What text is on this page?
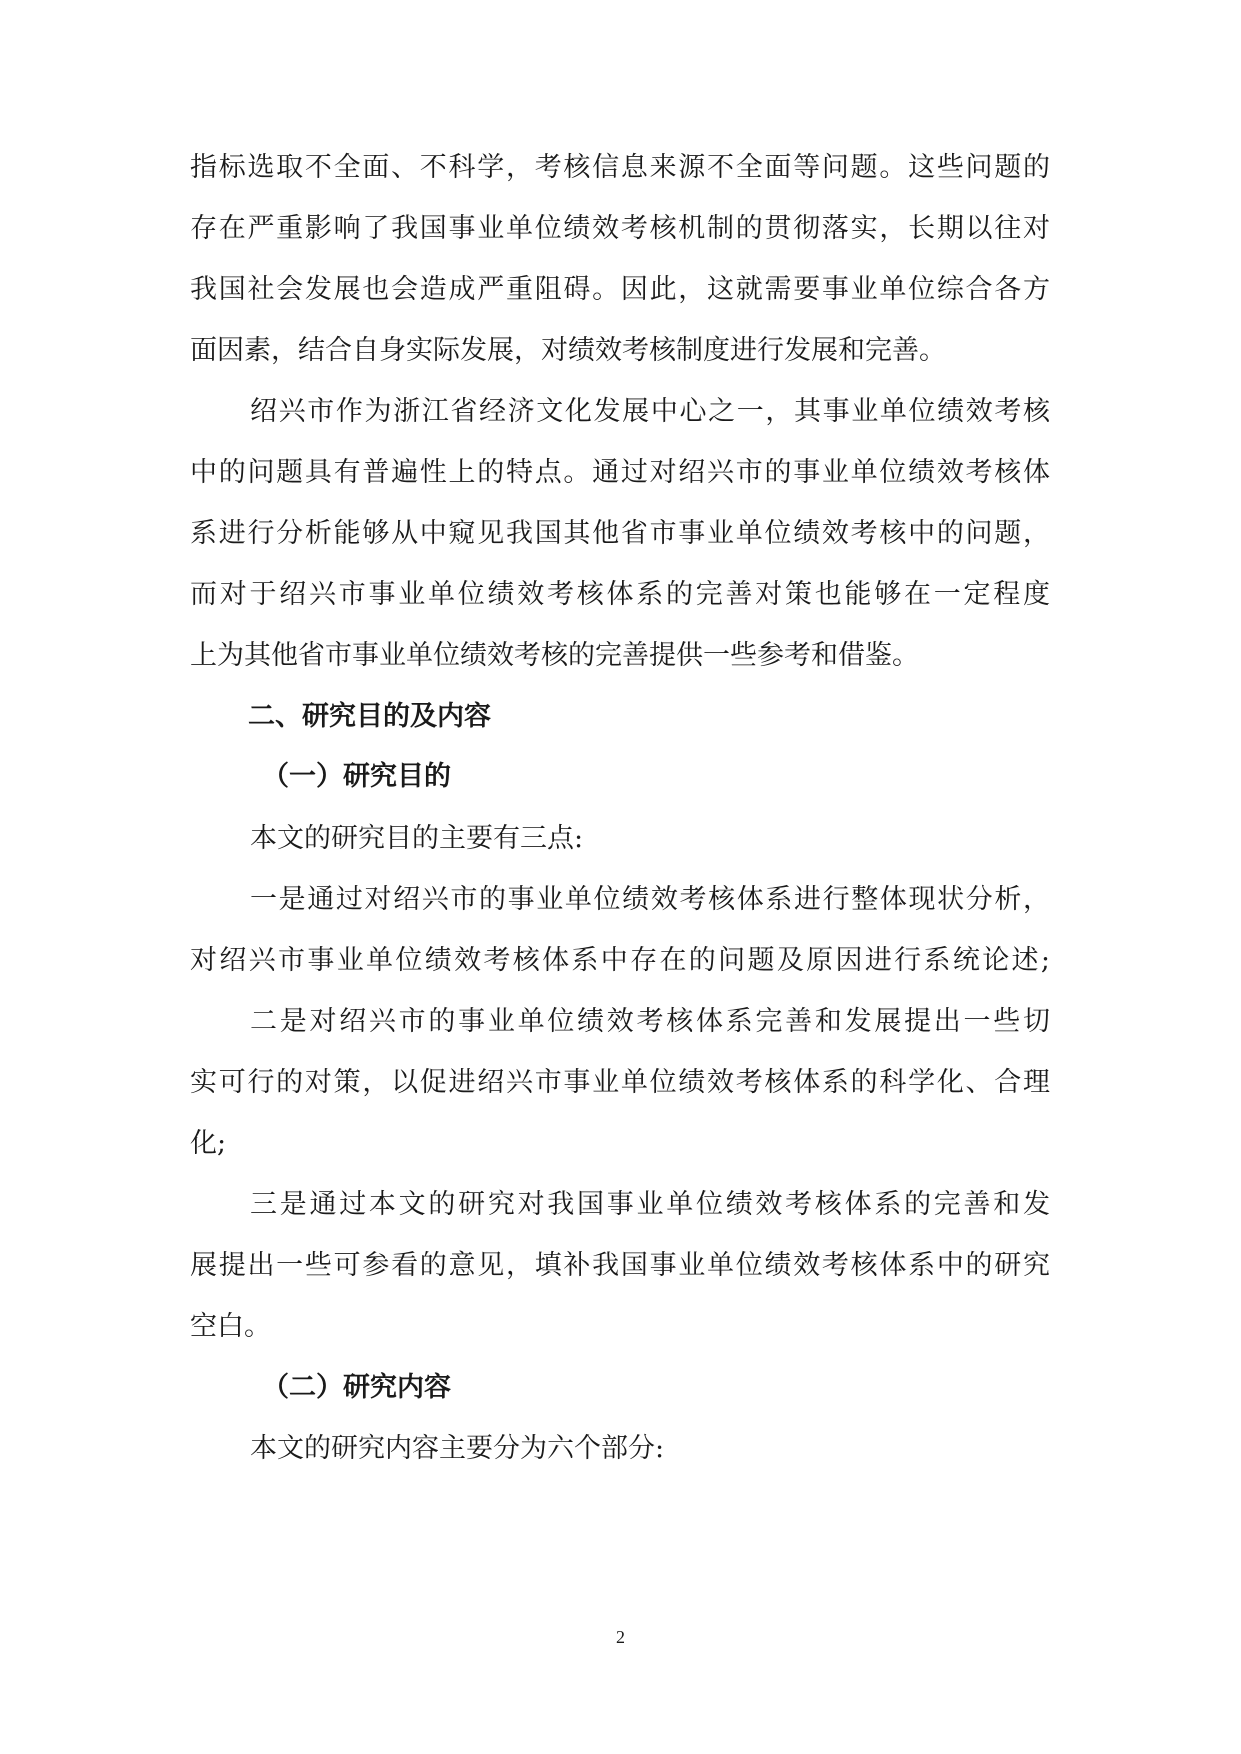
指标选取不全面、不科学，考核信息来源不全面等问题。这些问题的
存在严重影响了我国事业单位绩效考核机制的贯彻落实，长期以往对
我国社会发展也会造成严重阻碍。因此，这就需要事业单位综合各方
面因素，结合自身实际发展，对绩效考核制度进行发展和完善。
绍兴市作为浙江省经济文化发展中心之一，其事业单位绩效考核
中的问题具有普遍性上的特点。通过对绍兴市的事业单位绩效考核体
系进行分析能够从中窥见我国其他省市事业单位绩效考核中的问题，
而对于绍兴市事业单位绩效考核体系的完善对策也能够在一定程度
上为其他省市事业单位绩效考核的完善提供一些参考和借鉴。
二、研究目的及内容
（一）研究目的
本文的研究目的主要有三点:
一是通过对绍兴市的事业单位绩效考核体系进行整体现状分析，
对绍兴市事业单位绩效考核体系中存在的问题及原因进行系统论述;
二是对绍兴市的事业单位绩效考核体系完善和发展提出一些切
实可行的对策，以促进绍兴市事业单位绩效考核体系的科学化、合理
化;
三是通过本文的研究对我国事业单位绩效考核体系的完善和发
展提出一些可参看的意见，填补我国事业单位绩效考核体系中的研究
空白。
（二）研究内容
本文的研究内容主要分为六个部分:
2
